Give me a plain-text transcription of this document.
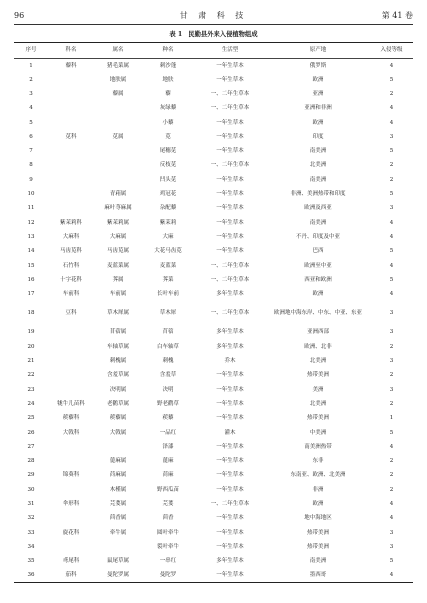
96	甘 肃 科 技	第 41 卷
表 1 民勤县外来入侵植物组成
序号	科名	属名	种名	生活型	原产地	入侵等级
1	藜科	猪毛菜属	刺沙蓬	一年生草本	俄罗斯	4
2		地肤属	地肤	一年生草本	欧洲	5
3		藜属	藜	一、二年生草本	亚洲	2
4			灰绿藜	一、二年生草本	亚洲和非洲	4
5			小藜	一年生草本	欧洲	4
6	苋科	苋属	苋	一年生草本	印度	3
7			尾穗苋	一年生草本	南美洲	5
8			反枝苋	一、二年生草本	北美洲	2
9			凹头苋	一年生草本	南美洲	2
10		青葙属	鸡冠花	一年生草本	非洲、美洲热带和印度	5
11		麻叶荨麻属	杂配藜	一年生草本	欧洲及西亚	3
12	紫茉莉科	紫茉莉属	紫茉莉	一年生草本	南美洲	4
13	大麻科	大麻属	大麻	一年生草本	不丹、印度及中亚	4
14	马齿苋科	马齿苋属	大花马齿苋	一年生草本	巴西	5
15	石竹科	麦蓝菜属	麦蓝菜	一、二年生草本	欧洲至中亚	4
16	十字花科	荠属	荠菜	一、二年生草本	西亚和欧洲	5
17	车前科	车前属	长叶车前	多年生草本	欧洲	4
18	豆科	草木犀属	草木犀	一、二年生草本	欧洲地中海东岸、中东、中亚、东亚	3
19		苜蓿属	苜蓿	多年生草本	亚洲西部	3
20		车轴草属	白车轴草	多年生草本	欧洲、北非	2
21		刺槐属	刺槐	乔木	北美洲	3
22		含羞草属	含羞草	一年生草本	热带美洲	2
23		决明属	决明	一年生草本	美洲	3
24	牻牛儿苗科	老鹳草属	野老鹳草	一年生草本	北美洲	2
25	蒺藜科	蒺藜属	蒺藜	一年生草本	热带美洲	1
26	大戟科	大戟属	一品红	灌木	中美洲	5
27			泽漆	一年生草本	南美洲热带	4
28		蓖麻属	蓖麻	一年生草本	东非	2
29	锦葵科	苘麻属	苘麻	一年生草本	东南亚、欧洲、北美洲	2
30		木槿属	野西瓜苗	一年生草本	非洲	2
31	伞形科	芫荽属	芫荽	一、二年生草本	欧洲	4
32		茴香属	茴香	一年生草本	地中海地区	4
33	旋花科	牵牛属	圆叶牵牛	一年生草本	热带美洲	3
34			裂叶牵牛	一年生草本	热带美洲	3
35	鸢尾科	鼠尾草属	一串红	多年生草本	南美洲	5
36	茄科	曼陀罗属	曼陀罗	一年生草本	墨西哥	4
